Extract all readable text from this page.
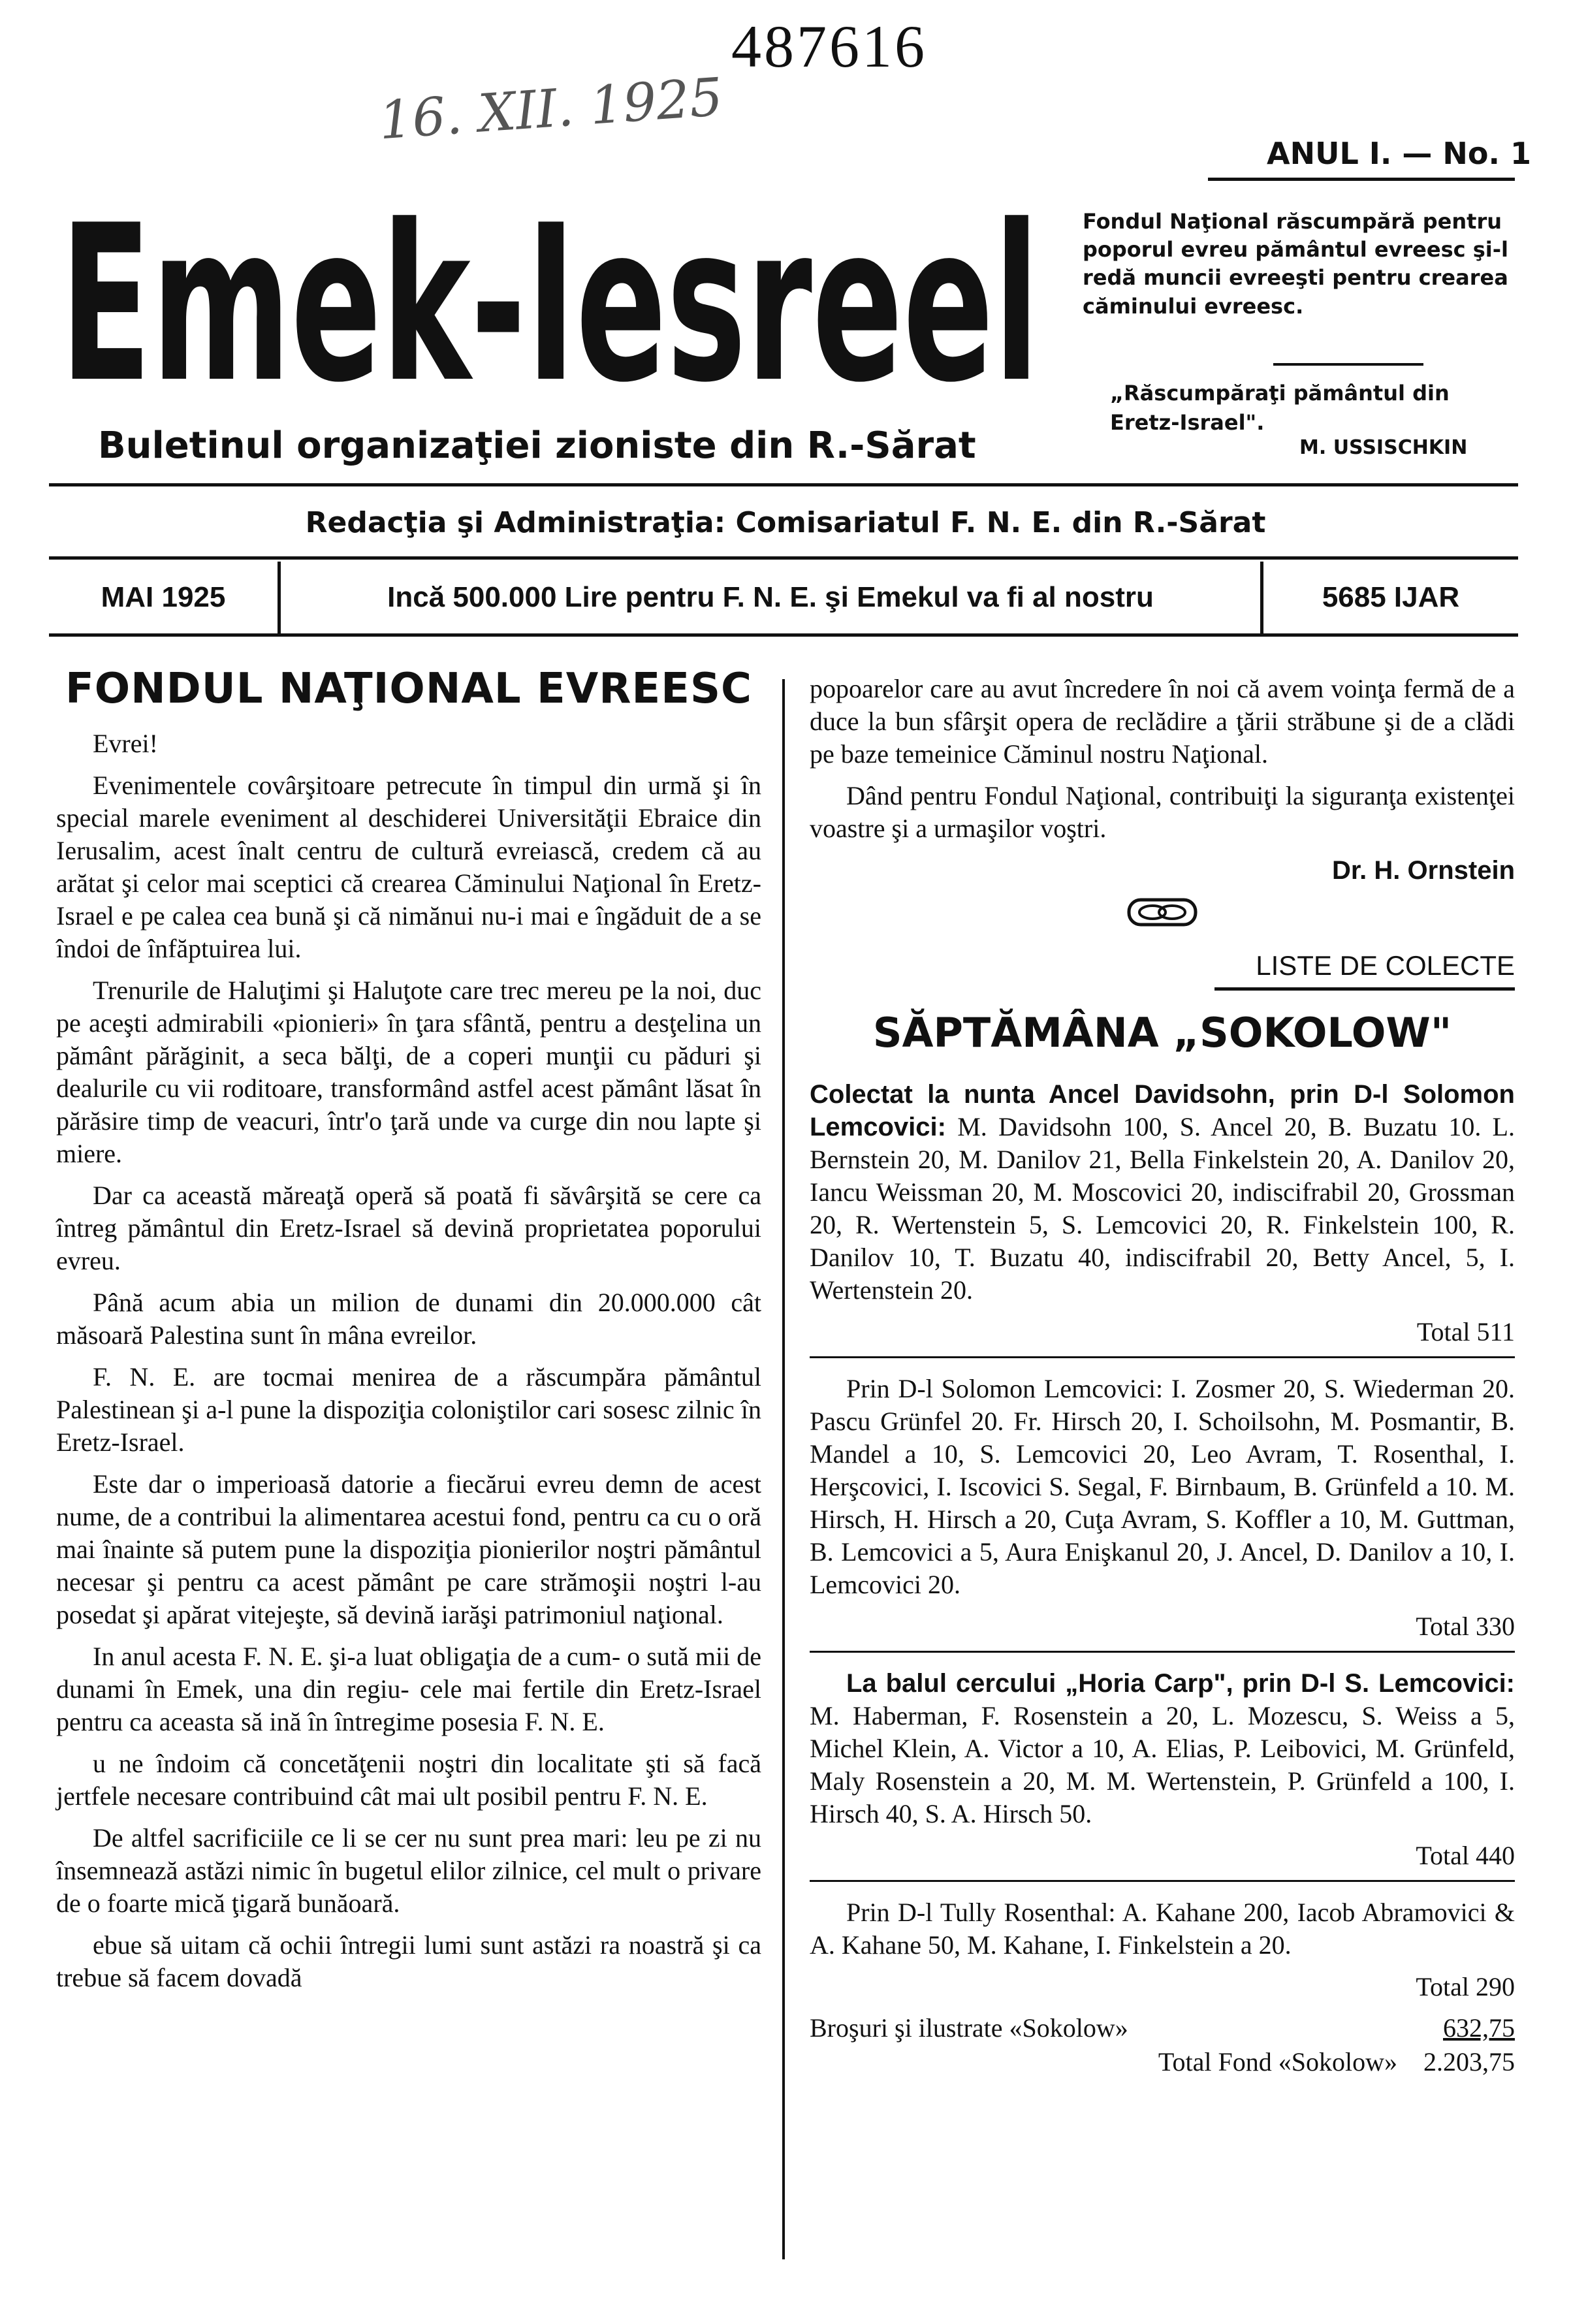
487616
16. XII. 1925
Emek-Iesreel
Buletinul organizaţiei zioniste din R.-Sărat
ANUL I. — No. 1
Fondul Naţional răscumpără pentru poporul evreu pământul evreesc şi-l redă muncii evreeşti pentru crearea căminului evreesc.
„Răscumpăraţi pământul din Eretz-Israel".
M. USSISCHKIN
Redacţia şi Administraţia: Comisariatul F. N. E. din R.-Sărat
MAI 1925	Incă 500.000 Lire pentru F. N. E. şi Emekul va fi al nostru	5685 IJAR
FONDUL NAŢIONAL EVREESC

Evrei!

Evenimentele covârşitoare petrecute în timpul din urmă şi în special marele eveniment al deschiderei Universităţii Ebraice din Ierusalim, acest înalt centru de cultură evreiască, credem că au arătat şi celor mai sceptici că crearea Căminului Naţional în Eretz-Israel e pe calea cea bună şi că nimănui nu-i mai e îngăduit de a se îndoi de înfăptuirea lui.

Trenurile de Haluţimi şi Haluţote care trec mereu pe la noi, duc pe aceşti admirabili «pionieri» în ţara sfântă, pentru a desţelina un pământ părăginit, a seca bălţi, de a coperi munţii cu păduri şi dealurile cu vii roditoare, transformând astfel acest pământ lăsat în părăsire timp de veacuri, într'o ţară unde va curge din nou lapte şi miere.

Dar ca această măreaţă operă să poată fi săvârşită se cere ca întreg pământul din Eretz-Israel să devină proprietatea poporului evreu.

Până acum abia un milion de dunami din 20.000.000 cât măsoară Palestina sunt în mâna evreilor.

F. N. E. are tocmai menirea de a răscumpăra pământul Palestinean şi a-l pune la dispoziţia coloniştilor cari sosesc zilnic în Eretz-Israel.

Este dar o imperioasă datorie a fiecărui evreu demn de acest nume, de a contribui la alimentarea acestui fond, pentru ca cu o oră mai înainte să putem pune la dispoziţia pionierilor noştri pământul necesar şi pentru ca acest pământ pe care strămoşii noştri l-au posedat şi apărat vitejeşte, să devină iarăşi patrimoniul naţional.

In anul acesta F. N. E. şi-a luat obligaţia de a cum- o sută mii de dunami în Emek, una din regiu- cele mai fertile din Eretz-Israel pentru ca aceasta să ină în întregime posesia F. N. E.

u ne îndoim că concetăţenii noştri din localitate şti să facă jertfele necesare contribuind cât mai ult posibil pentru F. N. E.

De altfel sacrificiile ce li se cer nu sunt prea mari: leu pe zi nu însemnează astăzi nimic în bugetul elilor zilnice, cel mult o privare de o foarte mică ţigară bunăoară.

ebue să uitam că ochii întregii lumi sunt astăzi ra noastră şi ca trebue să facem dovadă

popoarelor care au avut încredere în noi că avem voinţa fermă de a duce la bun sfârşit opera de reclădire a ţării străbune şi de a clădi pe baze temeinice Căminul nostru Naţional.

Dând pentru Fondul Naţional, contribuiţi la siguranţa existenţei voastre şi a urmaşilor voştri.

Dr. H. Ornstein

LISTE DE COLECTE
SĂPTĂMÂNA „SOKOLOW"

Colectat la nunta Ancel Davidsohn, prin D-l Solomon Lemcovici: M. Davidsohn 100, S. Ancel 20, B. Buzatu 10. L. Bernstein 20, M. Danilov 21, Bella Finkelstein 20, A. Danilov 20, Iancu Weissman 20, M. Moscovici 20, indiscifrabil 20, Grossman 20, R. Wertenstein 5, S. Lemcovici 20, R. Finkelstein 100, R. Danilov 10, T. Buzatu 40, indiscifrabil 20, Betty Ancel, 5, I. Wertenstein 20.

Total 511

Prin D-l Solomon Lemcovici: I. Zosmer 20, S. Wiederman 20. Pascu Grünfel 20. Fr. Hirsch 20, I. Schoilsohn, M. Posmantir, B. Mandel a 10, S. Lemcovici 20, Leo Avram, T. Rosenthal, I. Herşcovici, I. Iscovici S. Segal, F. Birnbaum, B. Grünfeld a 10. M. Hirsch, H. Hirsch a 20, Cuţa Avram, S. Koffler a 10, M. Guttman, B. Lemcovici a 5, Aura Enişkanul 20, J. Ancel, D. Danilov a 10, I. Lemcovici 20.

Total 330

La balul cercului „Horia Carp", prin D-l S. Lemcovici: M. Haberman, F. Rosenstein a 20, L. Mozescu, S. Weiss a 5, Michel Klein, A. Victor a 10, A. Elias, P. Leibovici, M. Grünfeld, Maly Rosenstein a 20, M. M. Wertenstein, P. Grünfeld a 100, I. Hirsch 40, S. A. Hirsch 50.

Total 440

Prin D-l Tully Rosenthal: A. Kahane 200, Iacob Abramovici & A. Kahane 50, M. Kahane, I. Finkelstein a 20.

Total 290
Broşuri şi ilustrate «Sokolow»	632,75
Total Fond «Sokolow» 2.203,75
